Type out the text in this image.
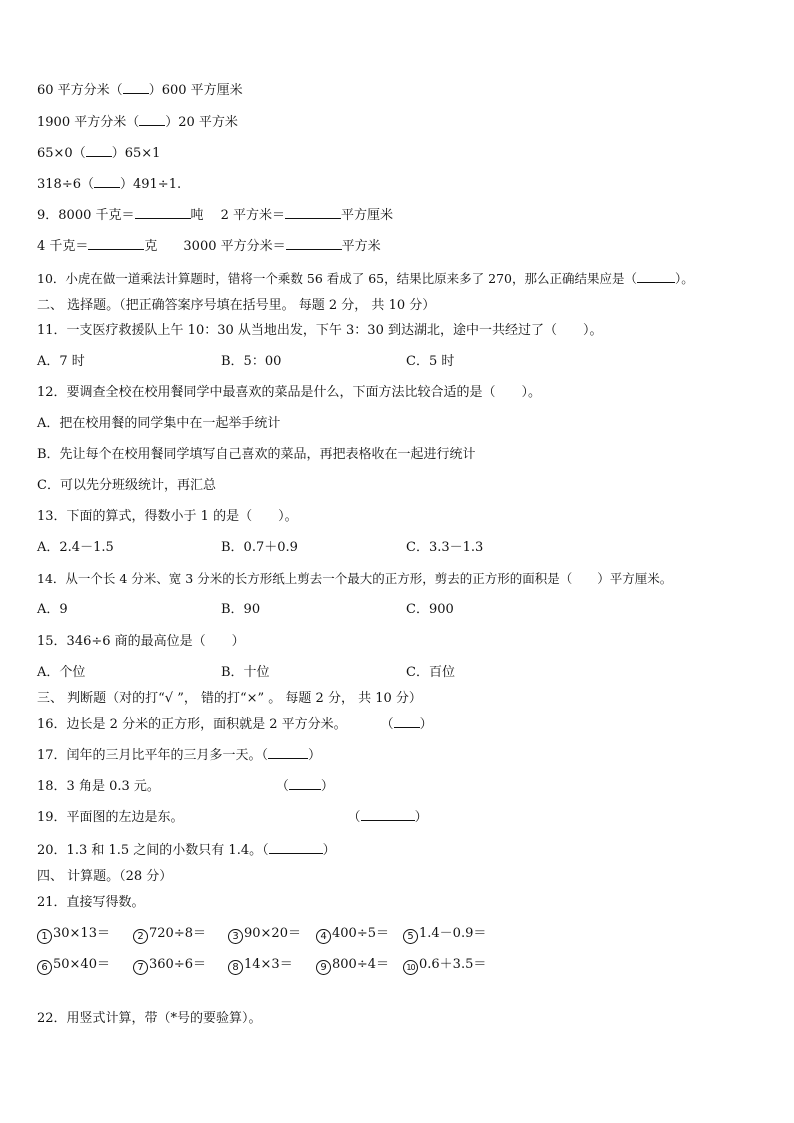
60 平方分米（ ）600 平方厘米
1900 平方分米（ ）20 平方米
65×0（ ）65×1
318÷6（ ）491÷1.
9．8000 千克＝	吨　 2 平方米＝	平方厘米
4 千克＝	克　　3000 平方分米＝	平方米
10．小虎在做一道乘法计算题时，错将一个乘数 56 看成了 65，结果比原来多了 270，那么正确结果应是（	）。
二、 选择题。（把正确答案序号填在括号里。 每题 2 分， 共 10 分）
11．一支医疗救援队上午 10：30 从当地出发，下午 3：30 到达湖北，途中一共经过了（　　）。
A．7 时	B．5：00	C．5 时
12．要调查全校在校用餐同学中最喜欢的菜品是什么，下面方法比较合适的是（　　）。
A．把在校用餐的同学集中在一起举手统计
B．先让每个在校用餐同学填写自己喜欢的菜品，再把表格收在一起进行统计
C．可以先分班级统计，再汇总
13．下面的算式，得数小于 1 的是（　　）。
A．2.4－1.5	B．0.7＋0.9	C．3.3－1.3
14．从一个长 4 分米、宽 3 分米的长方形纸上剪去一个最大的正方形，剪去的正方形的面积是（　　）平方厘米。
A．9	B．90	C．900
15．346÷6 商的最高位是（　　）
A．个位	B．十位	C．百位
三、 判断题（对的打“√ ”， 错的打“×” 。 每题 2 分， 共 10 分）
16．边长是 2 分米的正方形，面积就是 2 平方分米。	（ ）
17．闰年的三月比平年的三月多一天。（	）
18．3 角是 0.3 元。	（ ）
19．平面图的左边是东。	（	）
20．1.3 和 1.5 之间的小数只有 1.4。（	）
四、 计算题。（28 分）
21．直接写得数。
1 30×13＝	2 720÷8＝	3 90×20＝	4 400÷5＝	5 1.4－0.9＝
6 50×40＝	7 360÷6＝	8 14×3＝	9 800÷4＝	10 0.6＋3.5＝
22．用竖式计算，带（*号的要验算）。
